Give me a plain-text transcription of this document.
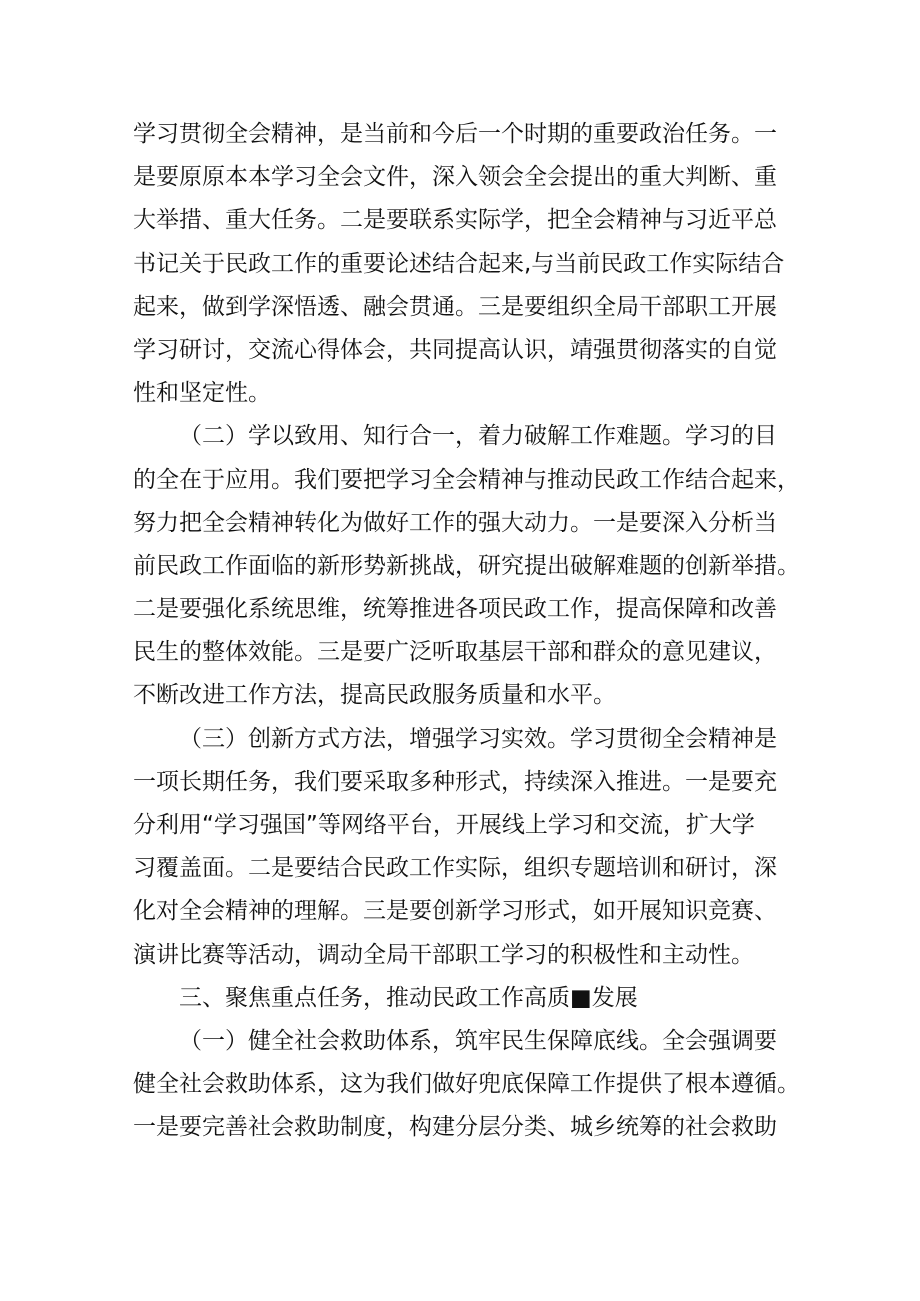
学习贯彻全会精神，是当前和今后一个时期的重要政治任务。一
是要原原本本学习全会文件，深入领会全会提出的重大判断、重
大举措、重大任务。二是要联系实际学，把全会精神与习近平总
书记关于民政工作的重要论述结合起来,与当前民政工作实际结合
起来，做到学深悟透、融会贯通。三是要组织全局干部职工开展
学习研讨，交流心得体会，共同提高认识，靖强贯彻落实的自觉
性和坚定性。
（二）学以致用、知行合一，着力破解工作难题。学习的目
的全在于应用。我们要把学习全会精神与推动民政工作结合起来，
努力把全会精神转化为做好工作的强大动力。一是要深入分析当
前民政工作面临的新形势新挑战，研究提出破解难题的创新举措。
二是要强化系统思维，统筹推进各项民政工作，提高保障和改善
民生的整体效能。三是要广泛听取基层干部和群众的意见建议，
不断改进工作方法，提高民政服务质量和水平。
（三）创新方式方法，增强学习实效。学习贯彻全会精神是
一项长期任务，我们要采取多种形式，持续深入推进。一是要充
分利用“学习强国”等网络平台，开展线上学习和交流，扩大学
习覆盖面。二是要结合民政工作实际，组织专题培训和研讨，深
化对全会精神的理解。三是要创新学习形式，如开展知识竞赛、
演讲比赛等活动，调动全局干部职工学习的积极性和主动性。
三、聚焦重点任务，推动民政工作高质■发展
（一）健全社会救助体系，筑牢民生保障底线。全会强调要
健全社会救助体系，这为我们做好兜底保障工作提供了根本遵循。
一是要完善社会救助制度，构建分层分类、城乡统筹的社会救助
